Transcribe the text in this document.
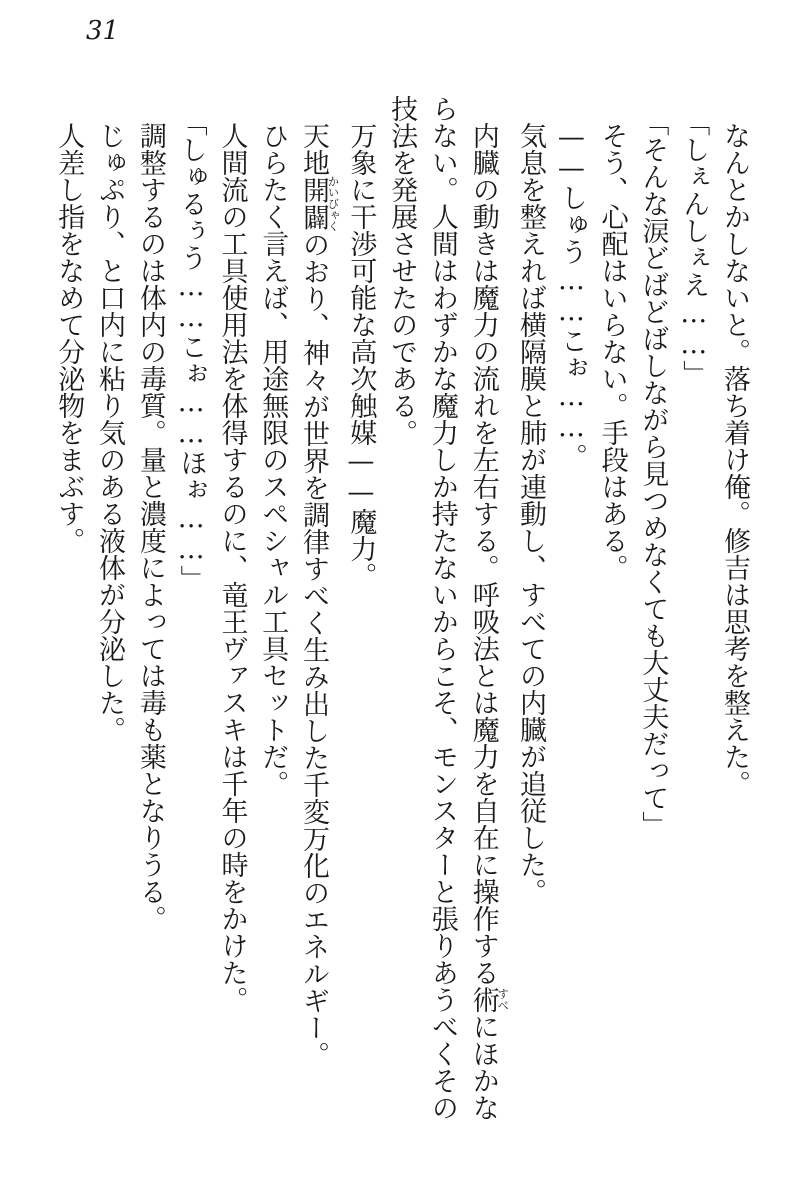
31

なんとかしないと。落ち着け俺。修吉は思考を整えた。

「しぇんしぇえ……」

「そんな涙どばどばしながら見つめなくても大丈夫だって」

そう、心配はいらない。手段はある。

——しゅう……こぉ……。

気息を整えれば横隔膜と肺が連動し、すべての内臓が追従した。

内臓の動きは魔力の流れを左右する。呼吸法とは魔力を自在に操作する術すべにほかならない。人間はわずかな魔力しか持たないからこそ、モンスターと張りあうべくその技法を発展させたのである。

万象に干渉可能な高次触媒——魔力。

天地開闢かいびゃくのおり、神々が世界を調律すべく生み出した千変万化のエネルギー。

ひらたく言えば、用途無限のスペシャル工具セットだ。

人間流の工具使用法を体得するのに、竜王ヴァスキは千年の時をかけた。

「しゅるぅう……こぉ……ほぉ……」

調整するのは体内の毒質。量と濃度によっては毒も薬となりうる。

じゅぷり、と口内に粘り気のある液体が分泌した。

人差し指をなめて分泌物をまぶす。
